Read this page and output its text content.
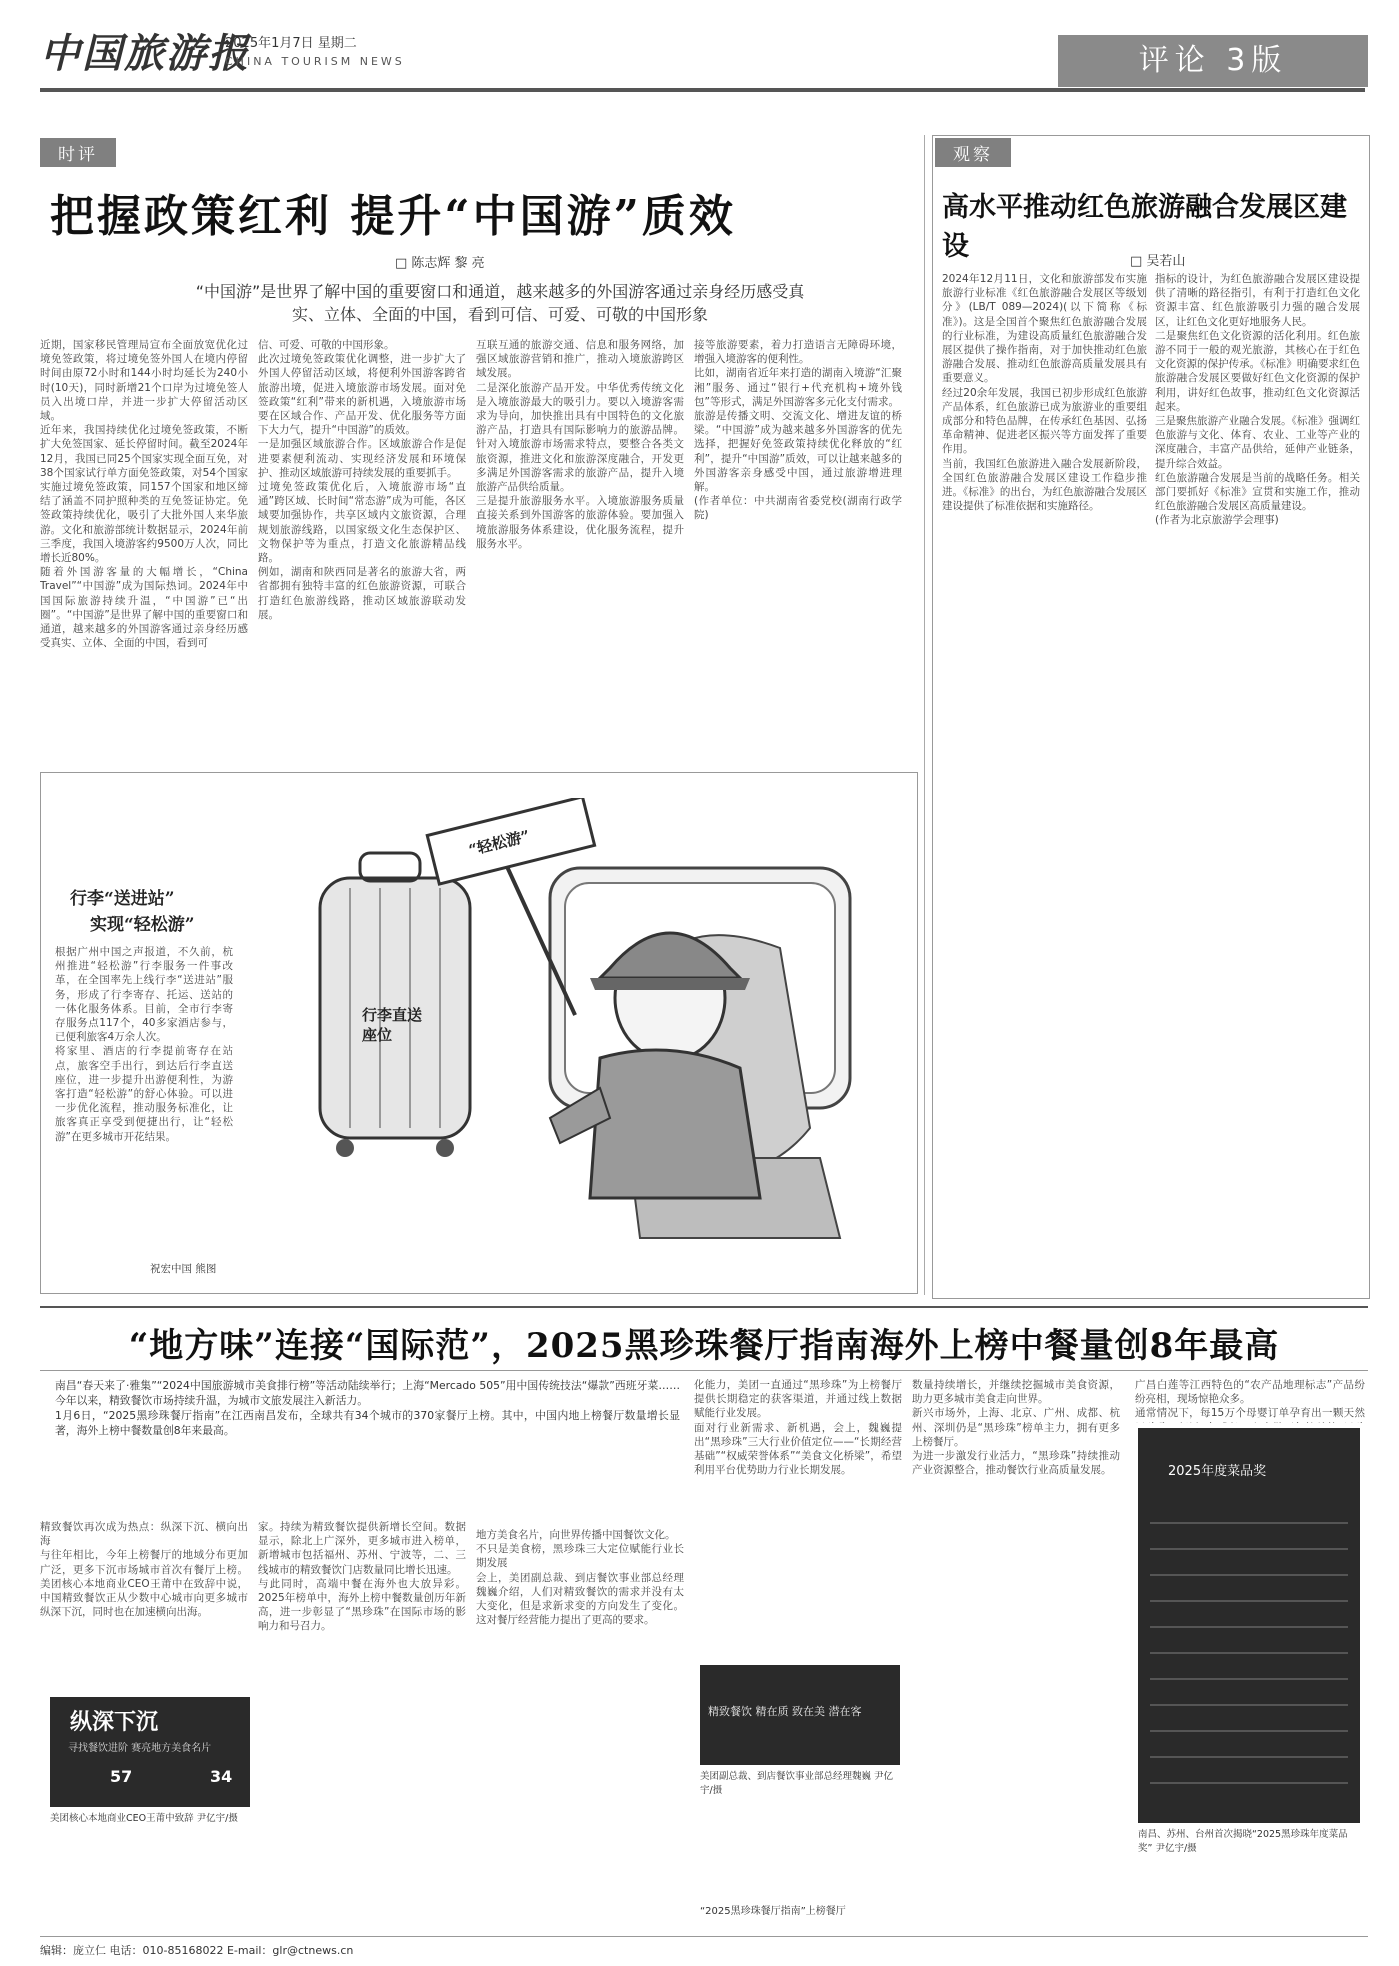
中国旅游报
2025年1月7日 星期二
CHINA TOURISM NEWS	评论 3版
时评
把握政策红利 提升“中国游”质效
□ 陈志辉 黎 亮
“中国游”是世界了解中国的重要窗口和通道，越来越多的外国游客通过亲身经历感受真
实、立体、全面的中国，看到可信、可爱、可敬的中国形象
近期，国家移民管理局宣布全面放宽优化过境免签政策，将过境免签外国人在境内停留时间由原72小时和144小时均延长为240小时(10天)，同时新增21个口岸为过境免签人员入出境口岸，并进一步扩大停留活动区域。
近年来，我国持续优化过境免签政策，不断扩大免签国家、延长停留时间。截至2024年12月，我国已同25个国家实现全面互免，对38个国家试行单方面免签政策，对54个国家实施过境免签政策，同157个国家和地区缔结了涵盖不同护照种类的互免签证协定。免签政策持续优化，吸引了大批外国人来华旅游。文化和旅游部统计数据显示，2024年前三季度，我国入境游客约9500万人次，同比增长近80%。
随着外国游客量的大幅增长，“China Travel”“中国游”成为国际热词。2024年中国国际旅游持续升温，“中国游”已“出圈”。“中国游”是世界了解中国的重要窗口和通道，越来越多的外国游客通过亲身经历感受真实、立体、全面的中国，看到可
信、可爱、可敬的中国形象。
此次过境免签政策优化调整，进一步扩大了外国人停留活动区域，将便利外国游客跨省旅游出境，促进入境旅游市场发展。面对免签政策“红利”带来的新机遇，入境旅游市场要在区域合作、产品开发、优化服务等方面下大力气，提升“中国游”的质效。
一是加强区域旅游合作。区域旅游合作是促进要素便利流动、实现经济发展和环境保护、推动区域旅游可持续发展的重要抓手。
过境免签政策优化后，入境旅游市场“直通”跨区域、长时间“常态游”成为可能，各区域要加强协作，共享区域内文旅资源，合理规划旅游线路，以国家级文化生态保护区、文物保护等为重点，打造文化旅游精品线路。
例如，湖南和陕西同是著名的旅游大省，两省都拥有独特丰富的红色旅游资源，可联合打造红色旅游线路，推动区域旅游联动发展。
互联互通的旅游交通、信息和服务网络，加强区域旅游营销和推广，推动入境旅游跨区域发展。
二是深化旅游产品开发。中华优秀传统文化是入境旅游最大的吸引力。要以入境游客需求为导向，加快推出具有中国特色的文化旅游产品，打造具有国际影响力的旅游品牌。针对入境旅游市场需求特点，要整合各类文旅资源，推进文化和旅游深度融合，开发更多满足外国游客需求的旅游产品，提升入境旅游产品供给质量。
三是提升旅游服务水平。入境旅游服务质量直接关系到外国游客的旅游体验。要加强入境旅游服务体系建设，优化服务流程，提升服务水平。
接等旅游要素，着力打造语言无障碍环境，增强入境游客的便利性。
比如，湖南省近年来打造的湖南入境游“汇聚湘”服务、通过“银行+代充机构+境外钱包”等形式，满足外国游客多元化支付需求。
旅游是传播文明、交流文化、增进友谊的桥梁。“中国游”成为越来越多外国游客的优先选择，把握好免签政策持续优化释放的“红利”，提升“中国游”质效，可以让越来越多的外国游客亲身感受中国，通过旅游增进理解。
(作者单位：中共湖南省委党校(湖南行政学院)
观察
高水平推动红色旅游融合发展区建设	□ 吴若山
2024年12月11日，文化和旅游部发布实施旅游行业标准《红色旅游融合发展区等级划分》(LB/T 089—2024)(以下简称《标准》)。这是全国首个聚焦红色旅游融合发展的行业标准，为建设高质量红色旅游融合发展区提供了操作指南，对于加快推动红色旅游融合发展、推动红色旅游高质量发展具有重要意义。
经过20余年发展，我国已初步形成红色旅游产品体系，红色旅游已成为旅游业的重要组成部分和特色品牌，在传承红色基因、弘扬革命精神、促进老区振兴等方面发挥了重要作用。
当前，我国红色旅游进入融合发展新阶段，全国红色旅游融合发展区建设工作稳步推进。《标准》的出台，为红色旅游融合发展区建设提供了标准依据和实施路径。
指标的设计，为红色旅游融合发展区建设提供了清晰的路径指引，有利于打造红色文化资源丰富、红色旅游吸引力强的融合发展区，让红色文化更好地服务人民。
二是聚焦红色文化资源的活化利用。红色旅游不同于一般的观光旅游，其核心在于红色文化资源的保护传承。《标准》明确要求红色旅游融合发展区要做好红色文化资源的保护利用，讲好红色故事，推动红色文化资源活起来。
三是聚焦旅游产业融合发展。《标准》强调红色旅游与文化、体育、农业、工业等产业的深度融合，丰富产品供给，延伸产业链条，提升综合效益。
红色旅游融合发展是当前的战略任务。相关部门要抓好《标准》宣贯和实施工作，推动红色旅游融合发展区高质量建设。
(作者为北京旅游学会理事)
行李“送进站”
实现“轻松游”
根据广州中国之声报道，不久前，杭州推进“轻松游”行李服务一件事改革，在全国率先上线行李“送进站”服务，形成了行李寄存、托运、送站的一体化服务体系。目前，全市行李寄存服务点117个，40多家酒店参与，已便利旅客4万余人次。
将家里、酒店的行李提前寄存在站点，旅客空手出行，到达后行李直送座位，进一步提升出游便利性，为游客打造“轻松游”的舒心体验。可以进一步优化流程，推动服务标准化，让旅客真正享受到便捷出行，让“轻松游”在更多城市开花结果。
祝宏中国 熊图
“轻松游”
行李直送座位
“地方味”连接“国际范”，2025黑珍珠餐厅指南海外上榜中餐量创8年最高
南昌“春天来了·雅集”“2024中国旅游城市美食排行榜”等活动陆续举行；上海“Mercado 505”用中国传统技法“爆款”西班牙菜……今年以来，精致餐饮市场持续升温，为城市文旅发展注入新活力。
1月6日，“2025黑珍珠餐厅指南”在江西南昌发布，全球共有34个城市的370家餐厅上榜。其中，中国内地上榜餐厅数量增长显著，海外上榜中餐数量创8年来最高。
精致餐饮再次成为热点：纵深下沉、横向出海
与往年相比，今年上榜餐厅的地域分布更加广泛，更多下沉市场城市首次有餐厅上榜。美团核心本地商业CEO王莆中在致辞中说，中国精致餐饮正从少数中心城市向更多城市纵深下沉，同时也在加速横向出海。
家。持续为精致餐饮提供新增长空间。数据显示，除北上广深外，更多城市进入榜单，新增城市包括福州、苏州、宁波等，二、三线城市的精致餐饮门店数量同比增长迅速。
与此同时，高端中餐在海外也大放异彩。2025年榜单中，海外上榜中餐数量创历年新高，进一步彰显了“黑珍珠”在国际市场的影响力和号召力。
地方美食名片，向世界传播中国餐饮文化。
不只是美食榜，黑珍珠三大定位赋能行业长期发展
会上，美团副总裁、到店餐饮事业部总经理魏巍介绍，人们对精致餐饮的需求并没有太大变化，但是求新求变的方向发生了变化。这对餐厅经营能力提出了更高的要求。
化能力，美团一直通过“黑珍珠”为上榜餐厅提供长期稳定的获客渠道，并通过线上数据赋能行业发展。
面对行业新需求、新机遇，会上，魏巍提出“黑珍珠”三大行业价值定位——“长期经营基础”“权威荣誉体系”“美食文化桥梁”，希望利用平台优势助力行业长期发展。
数量持续增长，并继续挖掘城市美食资源，助力更多城市美食走向世界。
新兴市场外，上海、北京、广州、成都、杭州、深圳仍是“黑珍珠”榜单主力，拥有更多上榜餐厅。
为进一步激发行业活力，“黑珍珠”持续推动产业资源整合，推动餐饮行业高质量发展。
广昌白莲等江西特色的“农产品地理标志”产品纷纷亮相，现场惊艳众多。
通常情况下，每15万个母婴订单孕育出一颗天然
纵深下沉
寻找餐饮进阶 赛亮地方美食名片
57	34
美团核心本地商业CEO王莆中致辞 尹亿宇/摄
精致餐饮 精在质 致在美 潜在客
美团副总裁、到店餐饮事业部总经理魏巍 尹亿宇/摄
“2025黑珍珠餐厅指南”上榜餐厅
2025年度菜品奖
南昌、苏州、台州首次揭晓“2025黑珍珠年度菜品奖” 尹亿宇/摄
编辑：庞立仁 电话：010-85168022 E-mail：glr@ctnews.cn
